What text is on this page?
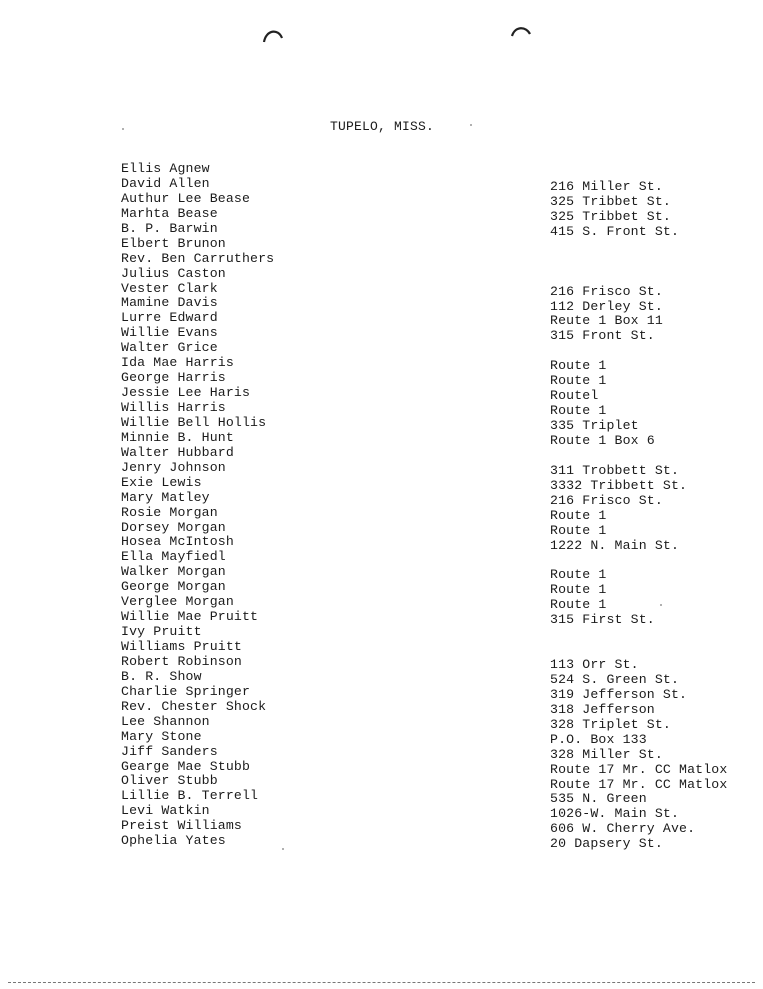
TUPELO, MISS.
Ellis Agnew
David Allen
Authur Lee Bease
Marhta Bease
B. P. Barwin
Elbert Brunon
Rev. Ben Carruthers
Julius Caston
Vester Clark
Mamine Davis
Lurre Edward
Willie Evans
Walter Grice
Ida Mae Harris
George Harris
Jessie Lee Haris
Willis Harris
Willie Bell Hollis
Minnie B. Hunt
Walter Hubbard
Jenry Johnson
Exie Lewis
Mary Matley
Rosie Morgan
Dorsey Morgan
Hosea McIntosh
Ella Mayfiedl
Walker Morgan
George Morgan
Verglee Morgan
Willie Mae Pruitt
Ivy Pruitt
Williams Pruitt
Robert Robinson
B. R. Show
Charlie Springer
Rev. Chester Shock
Lee Shannon
Mary Stone
Jiff Sanders
Gearge Mae Stubb
Oliver Stubb
Lillie B. Terrell
Levi Watkin
Preist Williams
Ophelia Yates
216 Miller St.
325 Tribbet St.
325 Tribbet St.
415 S. Front St.
216 Frisco St.
112 Derley St.
Reute 1 Box 11
315 Front St.
Route 1
Route 1
Routel
Route 1
335 Triplet
Route 1 Box 6
311 Trobbett St.
3332 Tribbett St.
216 Frisco St.
Route 1
Route 1
1222 N. Main St.
Route 1
Route 1
Route 1
315 First St.
113 Orr St.
524 S. Green St.
319 Jefferson St.
318 Jefferson
328 Triplet St.
P.O. Box 133
328 Miller St.
Route 17 Mr. CC Matlox
Route 17 Mr. CC Matlox
535 N. Green
1026-W. Main St.
606 W. Cherry Ave.
20 Dapsery St.
